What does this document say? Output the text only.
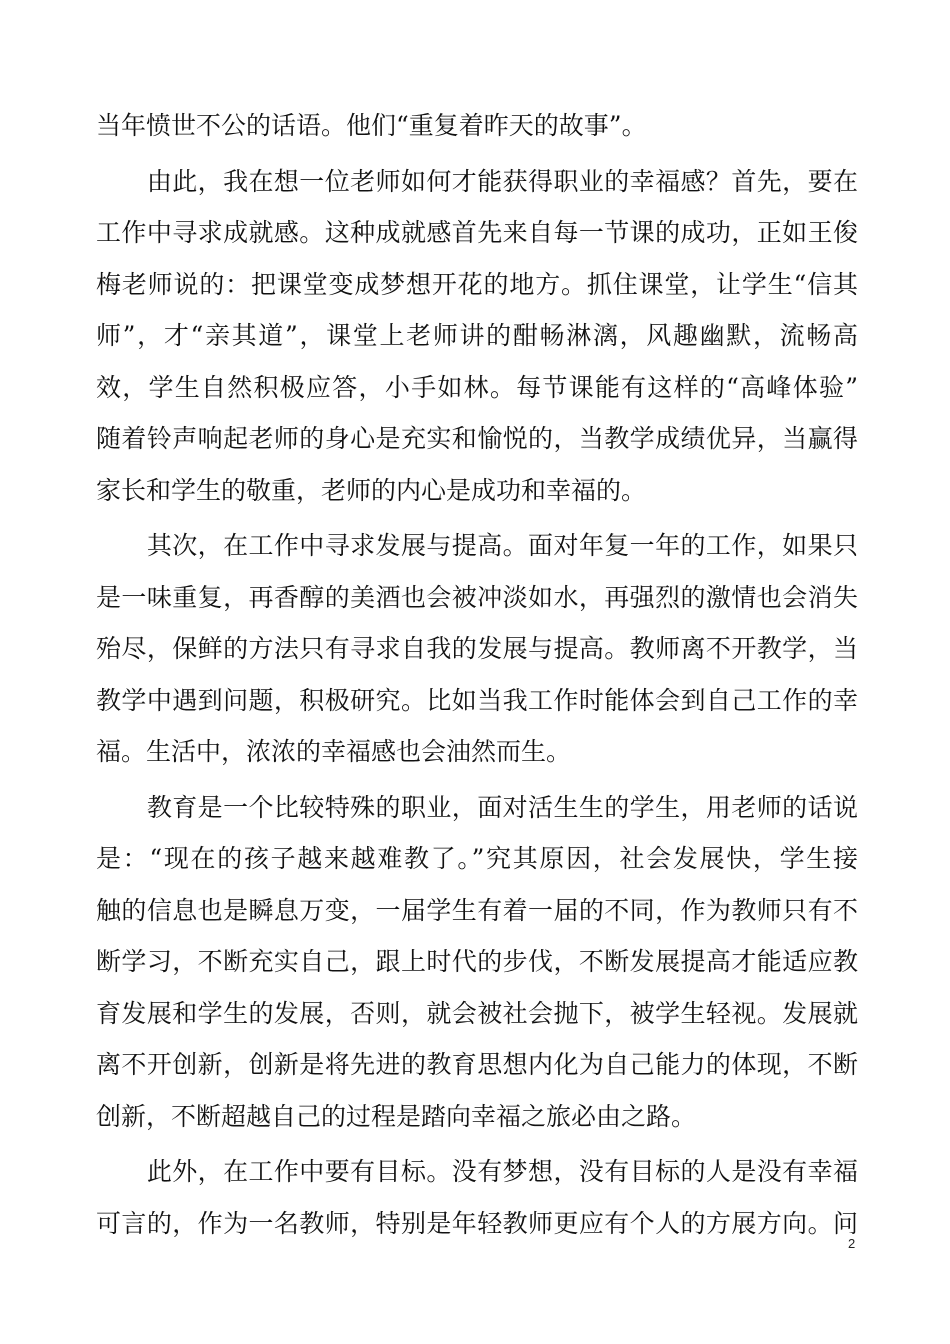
当年愤世不公的话语。他们“重复着昨天的故事”。
　　由此，我在想一位老师如何才能获得职业的幸福感？首先，要在
工作中寻求成就感。这种成就感首先来自每一节课的成功，正如王俊
梅老师说的：把课堂变成梦想开花的地方。抓住课堂，让学生“信其
师”，才“亲其道”，课堂上老师讲的酣畅淋漓，风趣幽默，流畅高
效，学生自然积极应答，小手如林。每节课能有这样的“高峰体验”
随着铃声响起老师的身心是充实和愉悦的，当教学成绩优异，当赢得
家长和学生的敬重，老师的内心是成功和幸福的。
　　其次，在工作中寻求发展与提高。面对年复一年的工作，如果只
是一味重复，再香醇的美酒也会被冲淡如水，再强烈的激情也会消失
殆尽，保鲜的方法只有寻求自我的发展与提高。教师离不开教学，当
教学中遇到问题，积极研究。比如当我工作时能体会到自己工作的幸
福。生活中，浓浓的幸福感也会油然而生。
　　教育是一个比较特殊的职业，面对活生生的学生，用老师的话说
是：“现在的孩子越来越难教了。”究其原因，社会发展快，学生接
触的信息也是瞬息万变，一届学生有着一届的不同，作为教师只有不
断学习，不断充实自己，跟上时代的步伐，不断发展提高才能适应教
育发展和学生的发展，否则，就会被社会抛下，被学生轻视。发展就
离不开创新，创新是将先进的教育思想内化为自己能力的体现，不断
创新，不断超越自己的过程是踏向幸福之旅必由之路。
　　此外，在工作中要有目标。没有梦想，没有目标的人是没有幸福
可言的，作为一名教师，特别是年轻教师更应有个人的方展方向。问
2
